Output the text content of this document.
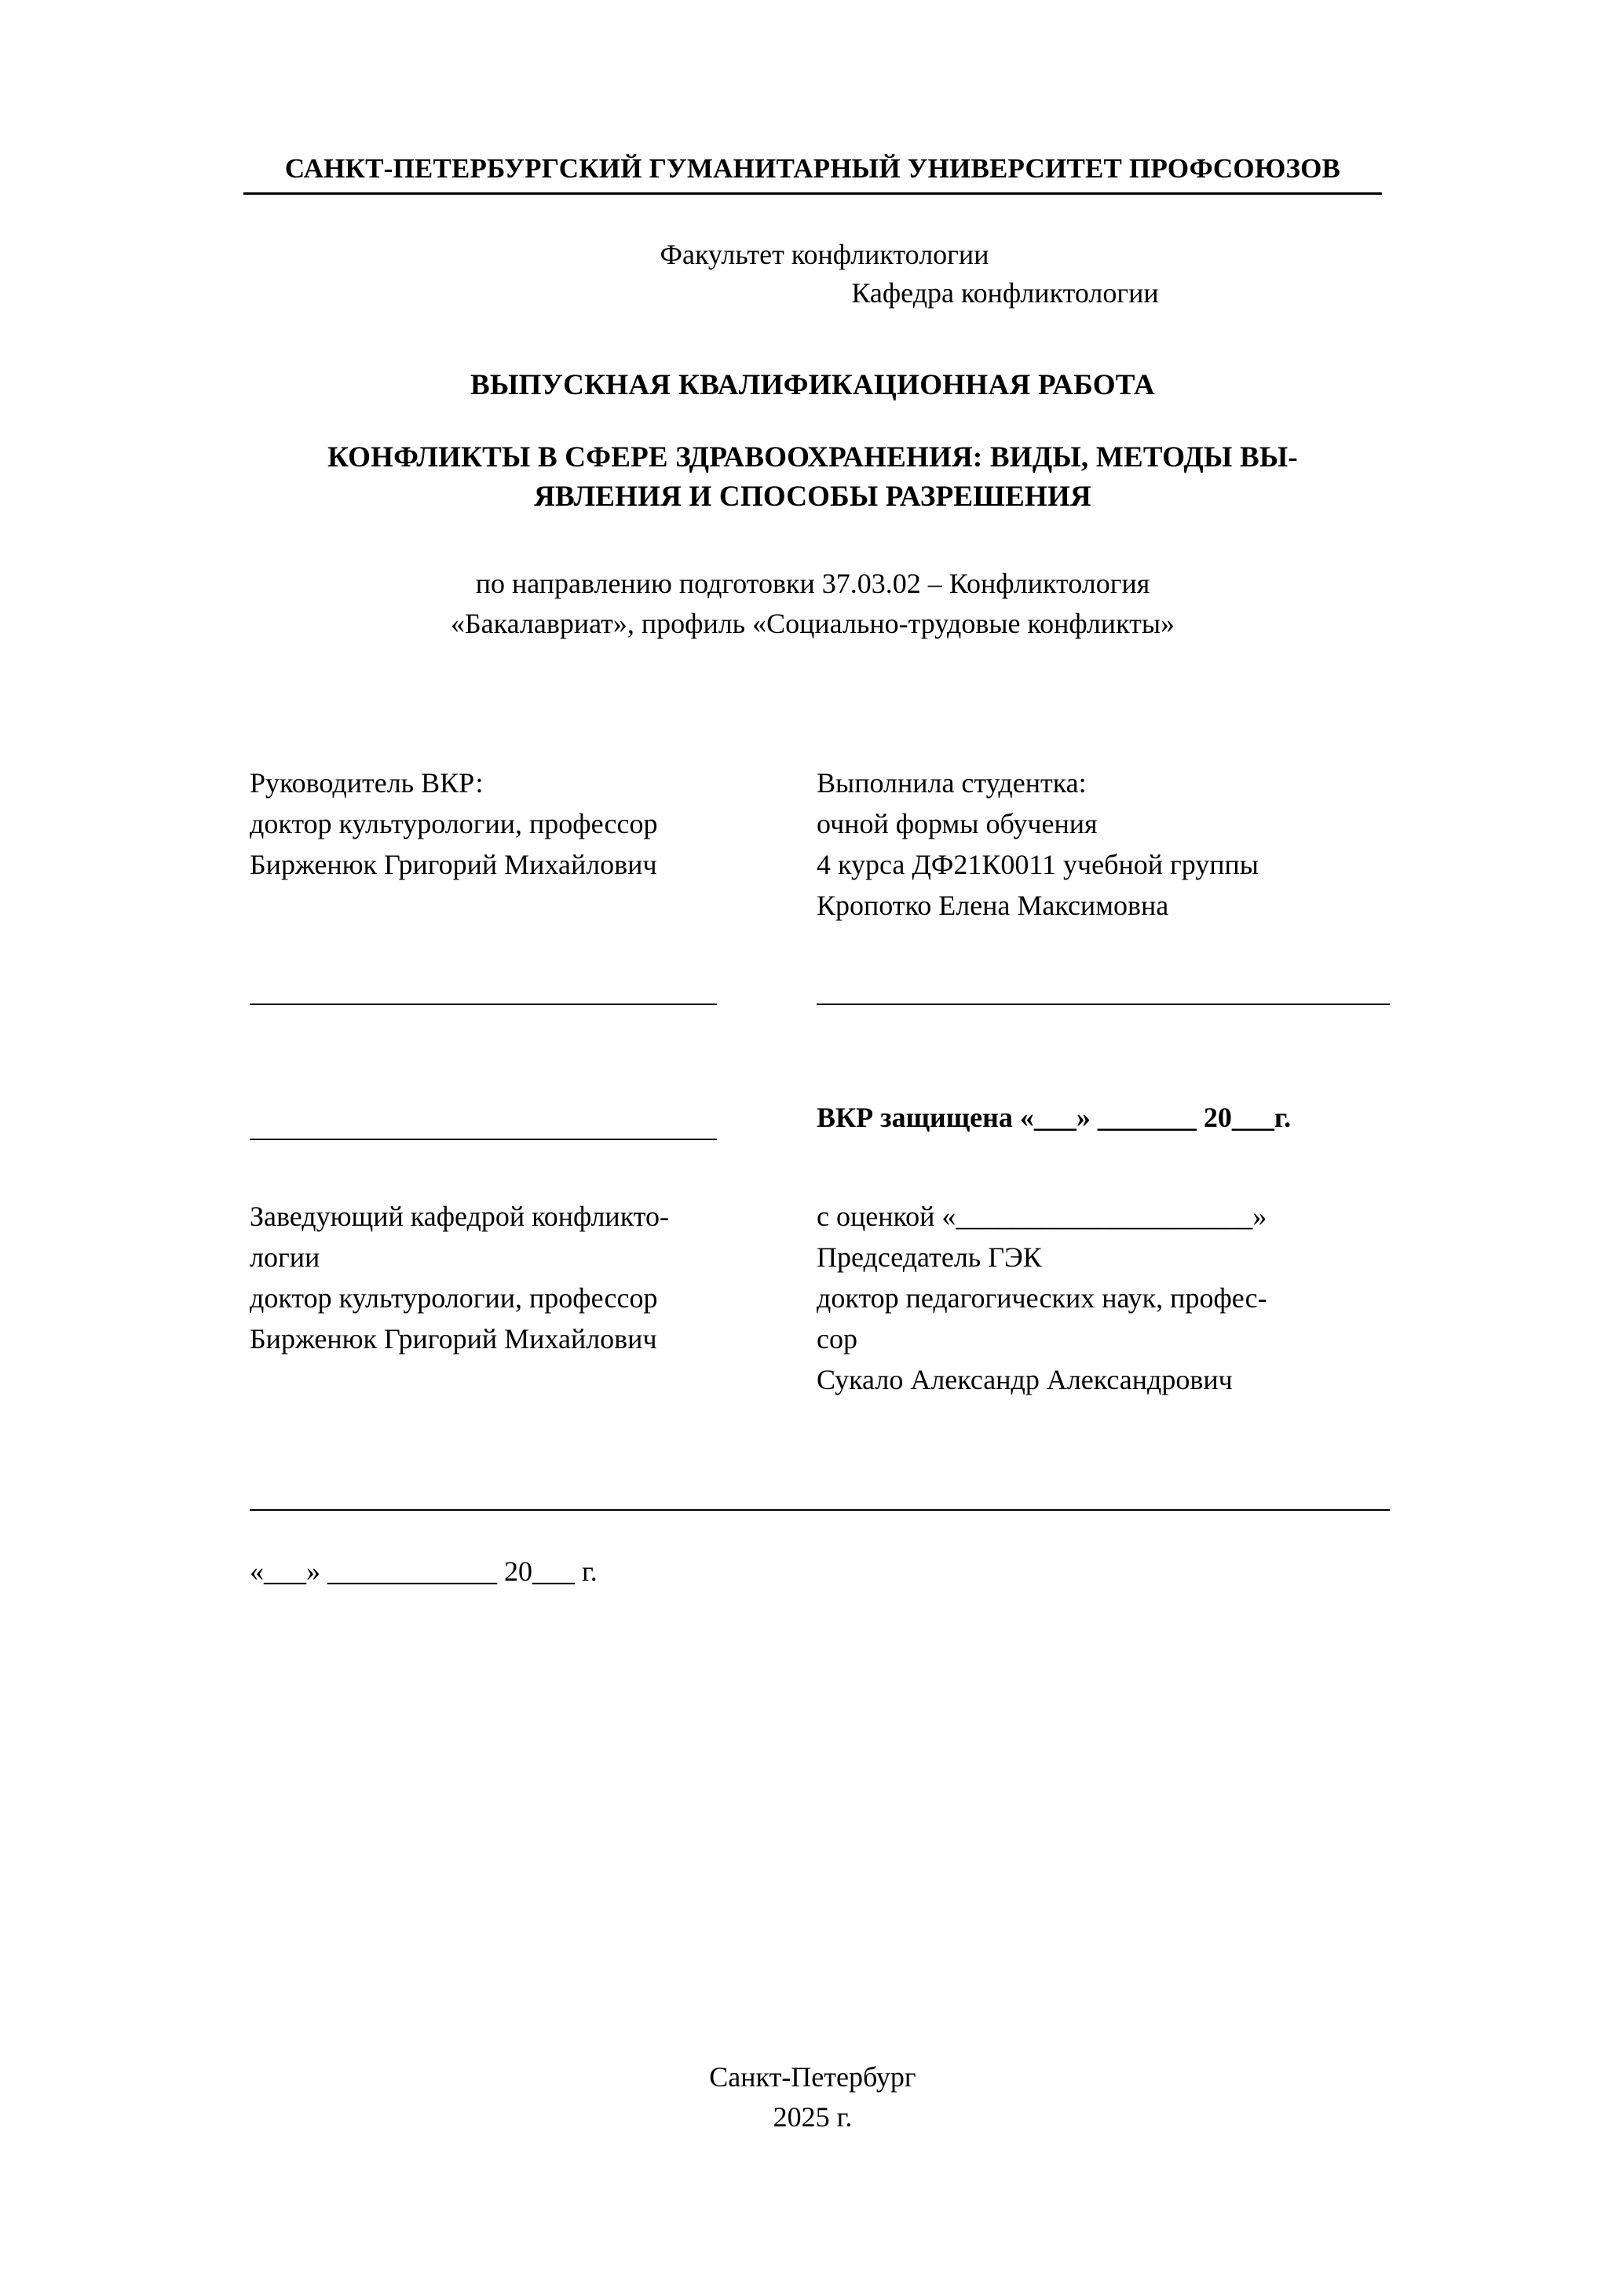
САНКТ-ПЕТЕРБУРГСКИЙ ГУМАНИТАРНЫЙ УНИВЕРСИТЕТ ПРОФСОЮЗОВ
Факультет конфликтологии
Кафедра конфликтологии
ВЫПУСКНАЯ КВАЛИФИКАЦИОННАЯ РАБОТА
КОНФЛИКТЫ В СФЕРЕ ЗДРАВООХРАНЕНИЯ: ВИДЫ, МЕТОДЫ ВЫ-
ЯВЛЕНИЯ И СПОСОБЫ РАЗРЕШЕНИЯ
по направлению подготовки 37.03.02 – Конфликтология
«Бакалавриат», профиль «Социально-трудовые конфликты»
Руководитель ВКР:
доктор культурологии, профессор
Бирженюк Григорий Михайлович
Выполнила студентка:
очной формы обучения
4 курса ДФ21К0011 учебной группы
Кропотко Елена Максимовна
ВКР защищена «___» _______ 20___г.
Заведующий кафедрой конфликто-
логии
доктор культурологии, профессор
Бирженюк Григорий Михайлович
с оценкой «_____________________»
Председатель ГЭК
доктор педагогических наук, профес-
сор
Сукало Александр Александрович
«___» ____________ 20___ г.
Санкт-Петербург
2025 г.
